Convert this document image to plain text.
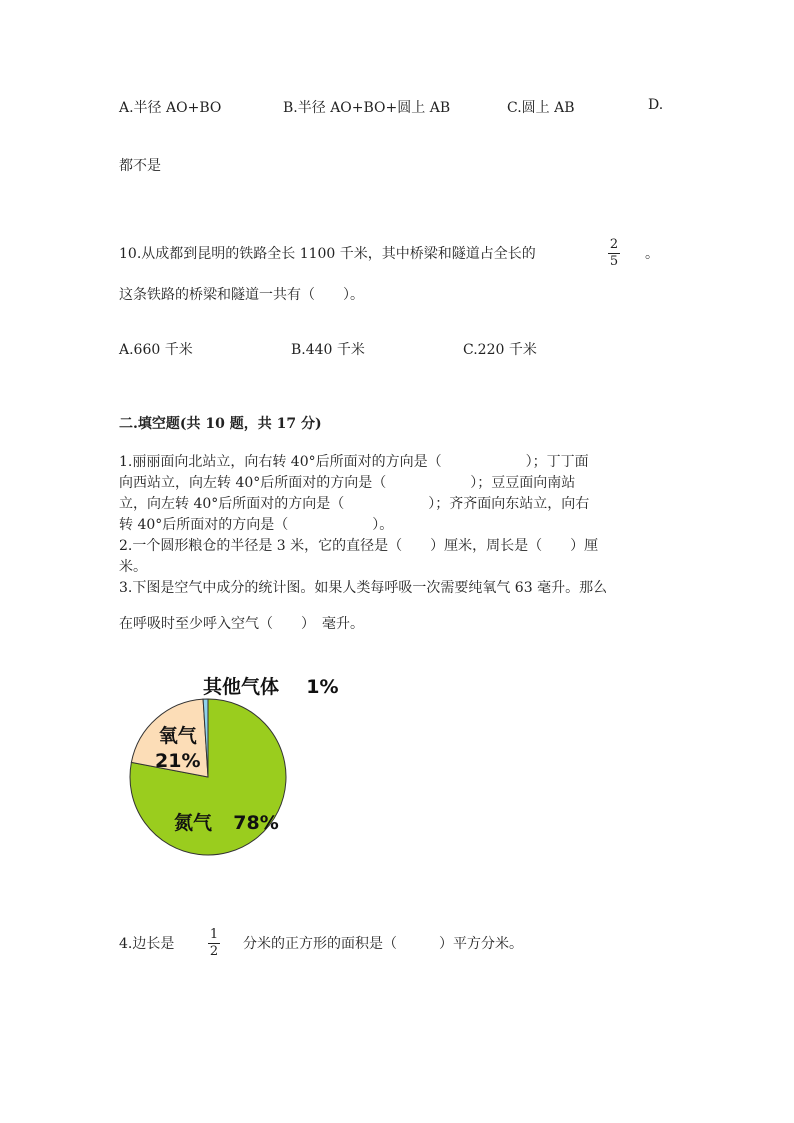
A.半径 AO+BO	B.半径 AO+BO+圆上 AB	C.圆上 AB	D.
都不是
10.从成都到昆明的铁路全长 1100 千米，其中桥梁和隧道占全长的
2
5 。
这条铁路的桥梁和隧道一共有（　　）。
A.660 千米	B.440 千米	C.220 千米
二.填空题(共 10 题，共 17 分)
1.丽丽面向北站立，向右转 40°后所面对的方向是（　　　　　　）；丁丁面
向西站立，向左转 40°后所面对的方向是（　　　　　　）；豆豆面向南站
立，向左转 40°后所面对的方向是（　　　　　　）；齐齐面向东站立，向右
转 40°后所面对的方向是（　　　　　　）。
2.一个圆形粮仓的半径是 3 米，它的直径是（　　）厘米，周长是（　　）厘
米。
3.下图是空气中成分的统计图。如果人类每呼吸一次需要纯氧气 63 毫升。那么
在呼吸时至少呼入空气（　　）　毫升。
其他气体 1%
氧气
21%
氮气 78%
4.边长是
1
2 分米的正方形的面积是（　　　）平方分米。
